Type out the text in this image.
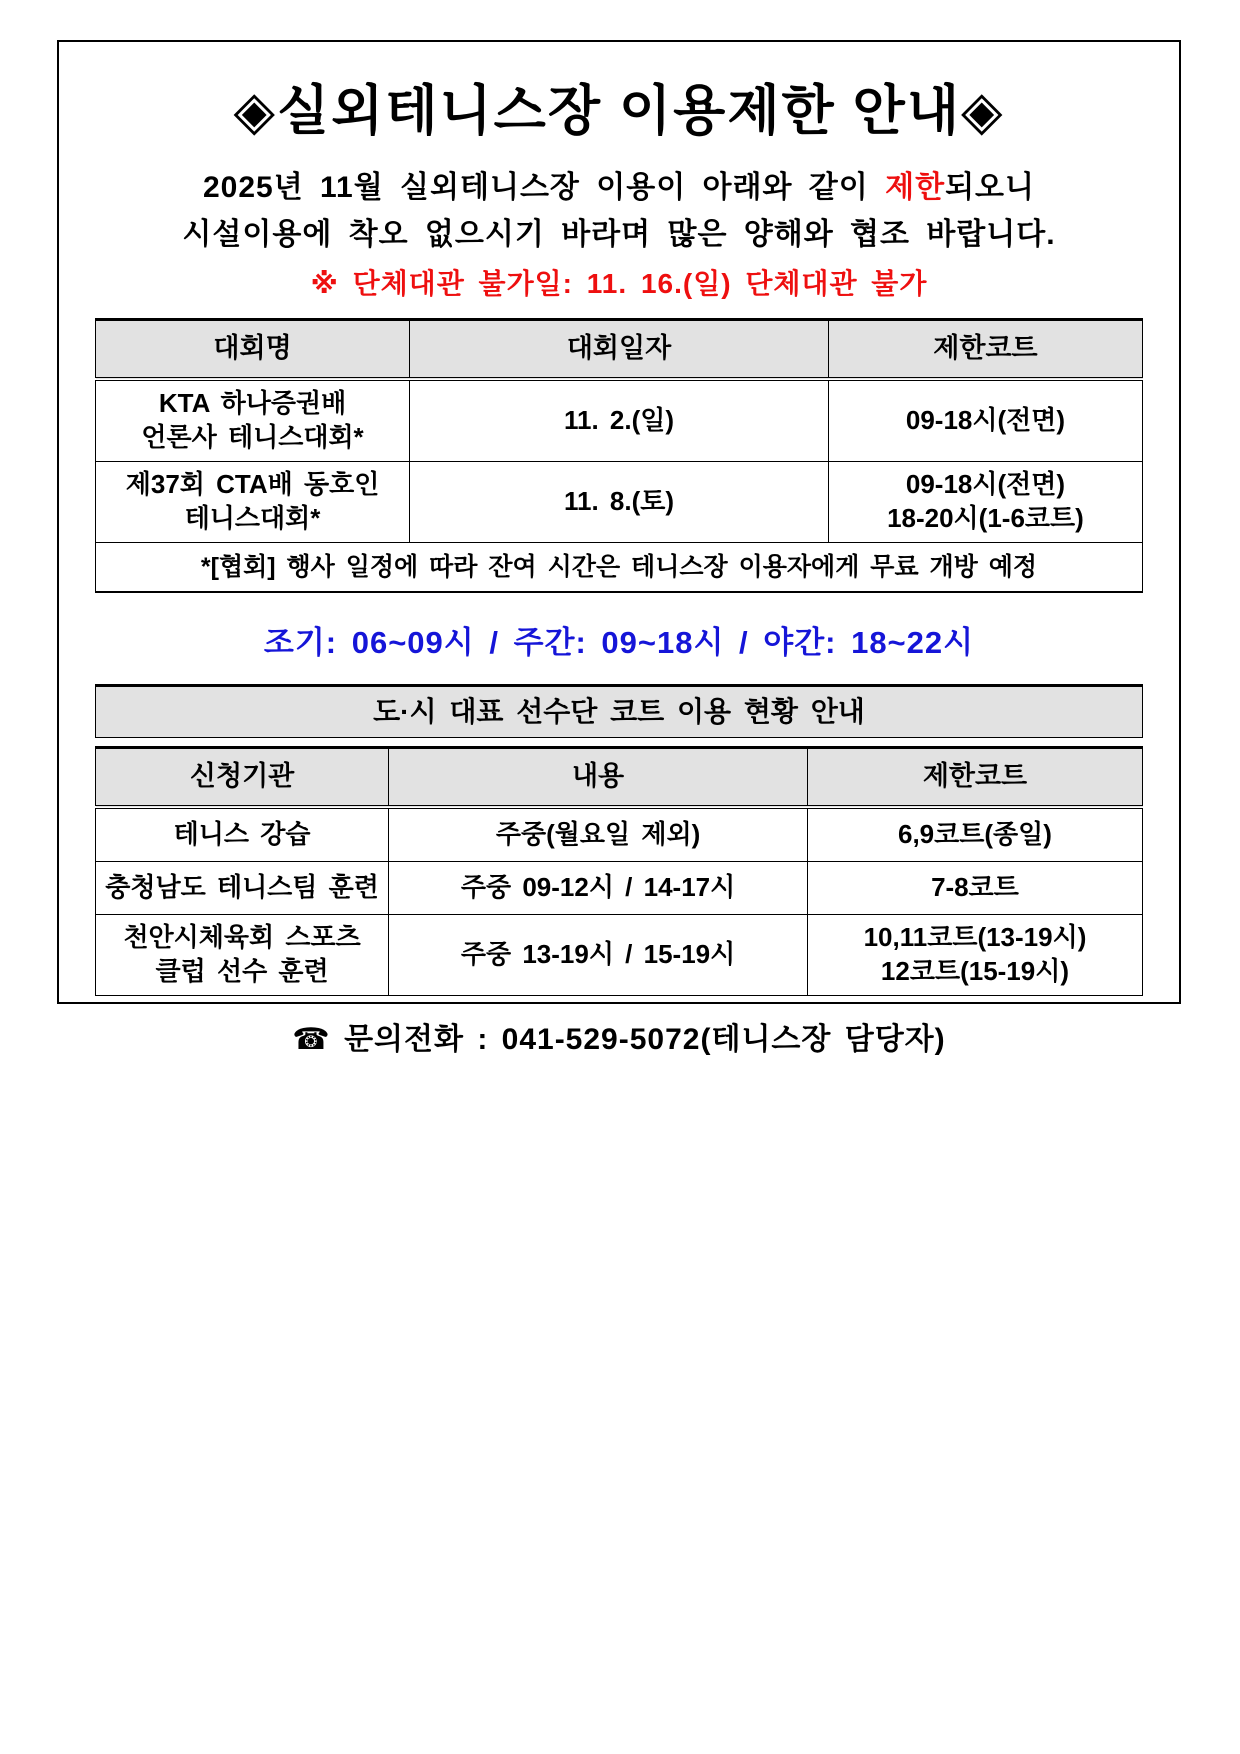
◈실외테니스장 이용제한 안내◈

2025년 11월 실외테니스장 이용이 아래와 같이 제한되오니
시설이용에 착오 없으시기 바라며 많은 양해와 협조 바랍니다.

※ 단체대관 불가일: 11. 16.(일) 단체대관 불가

대회명	대회일자	제한코트
KTA 하나증권배
언론사 테니스대회*	11. 2.(일)	09-18시(전면)
제37회 CTA배 동호인
테니스대회*	11. 8.(토)	09-18시(전면)
18-20시(1-6코트)
*[협회] 행사 일정에 따라 잔여 시간은 테니스장 이용자에게 무료 개방 예정		

조기: 06~09시 / 주간: 09~18시 / 야간: 18~22시

도·시 대표 선수단 코트 이용 현황 안내
신청기관	내용	제한코트
테니스 강습	주중(월요일 제외)	6,9코트(종일)
충청남도 테니스팀 훈련	주중 09-12시 / 14-17시	7-8코트
천안시체육회 스포츠
클럽 선수 훈련	주중 13-19시 / 15-19시	10,11코트(13-19시)
12코트(15-19시)

☎ 문의전화 : 041-529-5072(테니스장 담당자)
